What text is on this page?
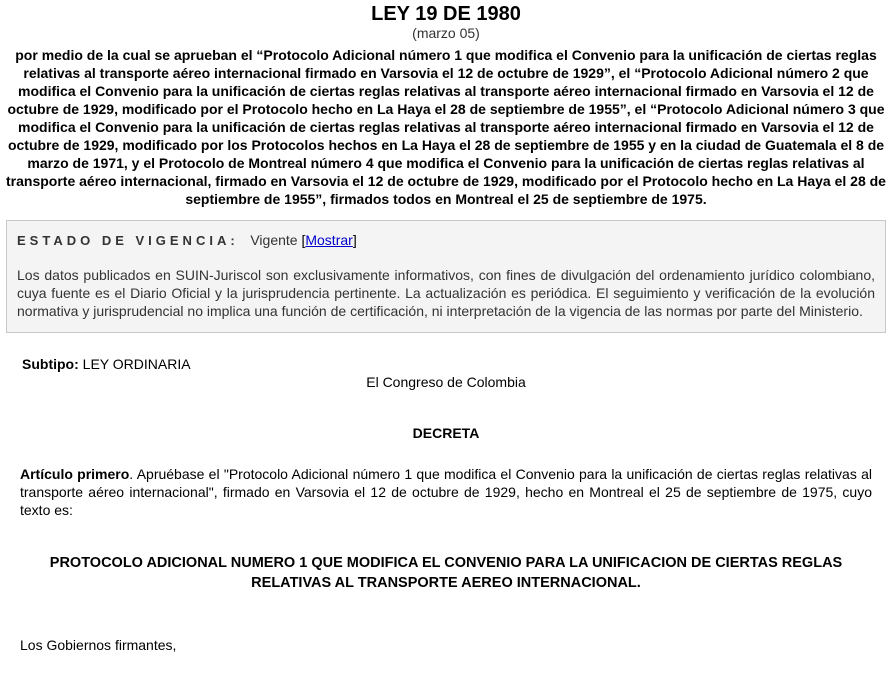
LEY 19 DE 1980
(marzo 05)
por medio de la cual se aprueban el “Protocolo Adicional número 1 que modifica el Convenio para la unificación de ciertas reglas relativas al transporte aéreo internacional firmado en Varsovia el 12 de octubre de 1929”, el “Protocolo Adicional número 2 que modifica el Convenio para la unificación de ciertas reglas relativas al transporte aéreo internacional firmado en Varsovia el 12 de octubre de 1929, modificado por el Protocolo hecho en La Haya el 28 de septiembre de 1955”, el “Protocolo Adicional número 3 que modifica el Convenio para la unificación de ciertas reglas relativas al transporte aéreo internacional firmado en Varsovia el 12 de octubre de 1929, modificado por los Protocolos hechos en La Haya el 28 de septiembre de 1955 y en la ciudad de Guatemala el 8 de marzo de 1971, y el Protocolo de Montreal número 4 que modifica el Convenio para la unificación de ciertas reglas relativas al transporte aéreo internacional, firmado en Varsovia el 12 de octubre de 1929, modificado por el Protocolo hecho en La Haya el 28 de septiembre de 1955”, firmados todos en Montreal el 25 de septiembre de 1975.
ESTADO DE VIGENCIA: Vigente [Mostrar]
Los datos publicados en SUIN-Juriscol son exclusivamente informativos, con fines de divulgación del ordenamiento jurídico colombiano, cuya fuente es el Diario Oficial y la jurisprudencia pertinente. La actualización es periódica. El seguimiento y verificación de la evolución normativa y jurisprudencial no implica una función de certificación, ni interpretación de la vigencia de las normas por parte del Ministerio.
Subtipo: LEY ORDINARIA
El Congreso de Colombia
DECRETA
Artículo primero. Apruébase el "Protocolo Adicional número 1 que modifica el Convenio para la unificación de ciertas reglas relativas al transporte aéreo internacional", firmado en Varsovia el 12 de octubre de 1929, hecho en Montreal el 25 de septiembre de 1975, cuyo texto es:
PROTOCOLO ADICIONAL NUMERO 1 QUE MODIFICA EL CONVENIO PARA LA UNIFICACION DE CIERTAS REGLAS RELATIVAS AL TRANSPORTE AEREO INTERNACIONAL.
Los Gobiernos firmantes,
